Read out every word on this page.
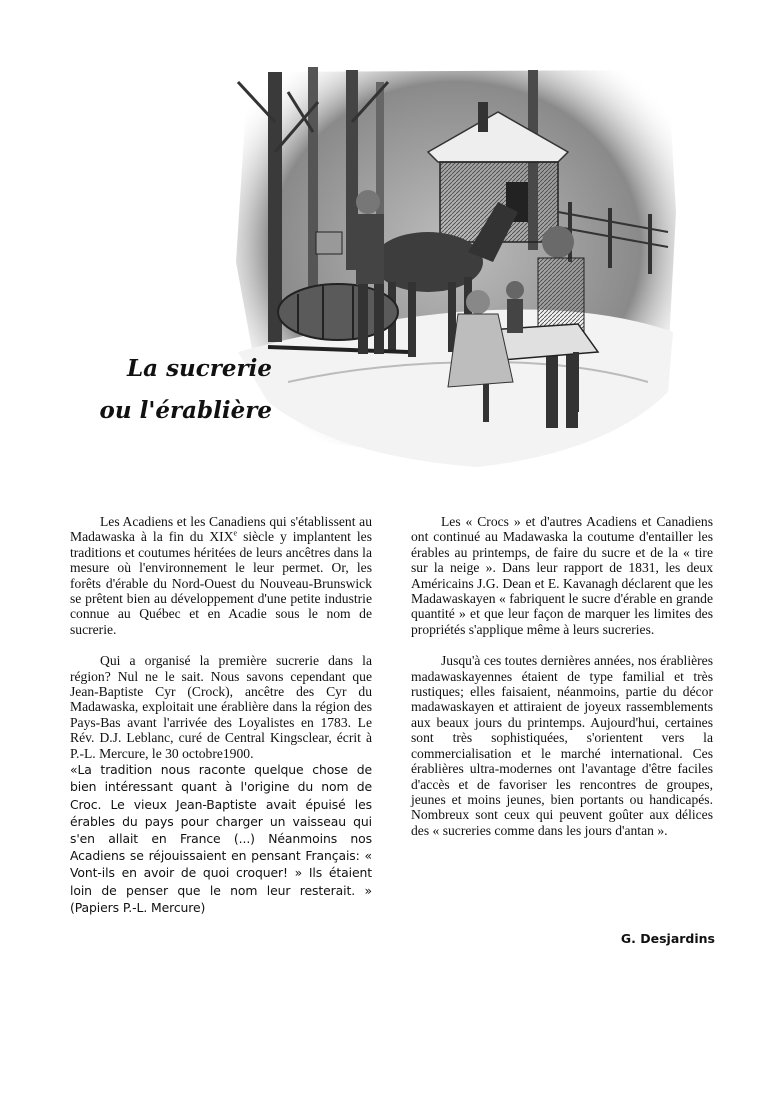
La sucrerie
ou l'érablière

Les Acadiens et les Canadiens qui s'établissent au Madawaska à la fin du XIXe siècle y implantent les traditions et coutumes héritées de leurs ancêtres dans la mesure où l'environnement le leur permet. Or, les forêts d'érable du Nord-Ouest du Nouveau-Brunswick se prêtent bien au développement d'une petite industrie connue au Québec et en Acadie sous le nom de sucrerie.

Qui a organisé la première sucrerie dans la région? Nul ne le sait. Nous savons cependant que Jean-Baptiste Cyr (Crock), ancêtre des Cyr du Madawaska, exploitait une érablière dans la région des Pays-Bas avant l'arrivée des Loyalistes en 1783. Le Rév. D.J. Leblanc, curé de Central Kingsclear, écrit à P.-L. Mercure, le 30 octobre1900.

«La tradition nous raconte quelque chose de bien intéressant quant à l'origine du nom de Croc. Le vieux Jean-Baptiste avait épuisé les érables du pays pour charger un vaisseau qui s'en allait en France (...) Néanmoins nos Acadiens se réjouissaient en pensant Français: « Vont-ils en avoir de quoi croquer! » Ils étaient loin de penser que le nom leur resterait. » (Papiers P.-L. Mercure)

Les « Crocs » et d'autres Acadiens et Canadiens ont continué au Madawaska la coutume d'entailler les érables au printemps, de faire du sucre et de la « tire sur la neige ». Dans leur rapport de 1831, les deux Américains J.G. Dean et E. Kavanagh déclarent que les Madawaskayen « fabriquent le sucre d'érable en grande quantité » et que leur façon de marquer les limites des propriétés s'applique même à leurs sucreries.

Jusqu'à ces toutes dernières années, nos érablières madawaskayennes étaient de type familial et très rustiques; elles faisaient, néanmoins, partie du décor madawaskayen et attiraient de joyeux rassemblements aux beaux jours du printemps. Aujourd'hui, certaines sont très sophistiquées, s'orientent vers la commercialisation et le marché international. Ces érablières ultra-modernes ont l'avantage d'être faciles d'accès et de favoriser les rencontres de groupes, jeunes et moins jeunes, bien portants ou handicapés. Nombreux sont ceux qui peuvent goûter aux délices des « sucreries comme dans les jours d'antan ».

G. Desjardins
